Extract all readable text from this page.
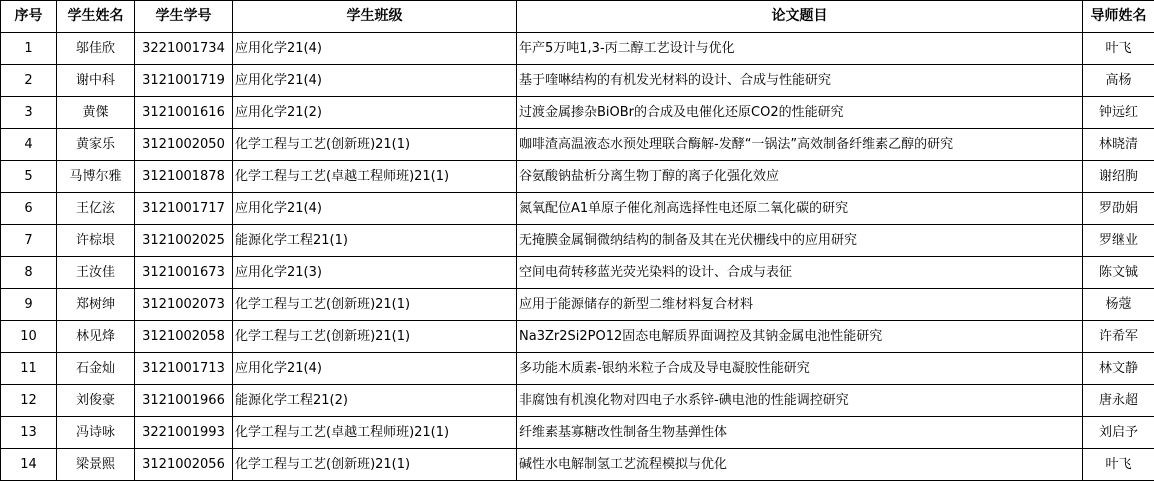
序号	学生姓名	学生学号	学生班级	论文题目	导师姓名
1	邬佳欣	3221001734	应用化学21(4)	年产5万吨1,3-丙二醇工艺设计与优化	叶飞
2	谢中科	3121001719	应用化学21(4)	基于喹啉结构的有机发光材料的设计、合成与性能研究	高杨
3	黄傑	3121001616	应用化学21(2)	过渡金属掺杂BiOBr的合成及电催化还原CO2的性能研究	钟远红
4	黄家乐	3121002050	化学工程与工艺(创新班)21(1)	咖啡渣高温液态水预处理联合酶解-发酵“一锅法”高效制备纤维素乙醇的研究	林晓清
5	马博尔雅	3121001878	化学工程与工艺(卓越工程师班)21(1)	谷氨酸钠盐析分离生物丁醇的离子化强化效应	谢绍朐
6	王亿泫	3121001717	应用化学21(4)	氮氧配位A1单原子催化剂高选择性电还原二氧化碳的研究	罗劭娟
7	许棕垠	3121002025	能源化学工程21(1)	无掩膜金属铜微纳结构的制备及其在光伏栅线中的应用研究	罗继业
8	王汝佳	3121001673	应用化学21(3)	空间电荷转移蓝光荧光染料的设计、合成与表征	陈文铖
9	郑树绅	3121002073	化学工程与工艺(创新班)21(1)	应用于能源储存的新型二维材料复合材料	杨蔻
10	林见烽	3121002058	化学工程与工艺(创新班)21(1)	Na3Zr2Si2PO12固态电解质界面调控及其钠金属电池性能研究	许希军
11	石金灿	3121001713	应用化学21(4)	多功能木质素-银纳米粒子合成及导电凝胶性能研究	林文静
12	刘俊豪	3121001966	能源化学工程21(2)	非腐蚀有机溴化物对四电子水系锌-碘电池的性能调控研究	唐永超
13	冯诗咏	3221001993	化学工程与工艺(卓越工程师班)21(1)	纤维素基寡糖改性制备生物基弹性体	刘启予
14	梁景熙	3121002056	化学工程与工艺(创新班)21(1)	碱性水电解制氢工艺流程模拟与优化	叶飞
